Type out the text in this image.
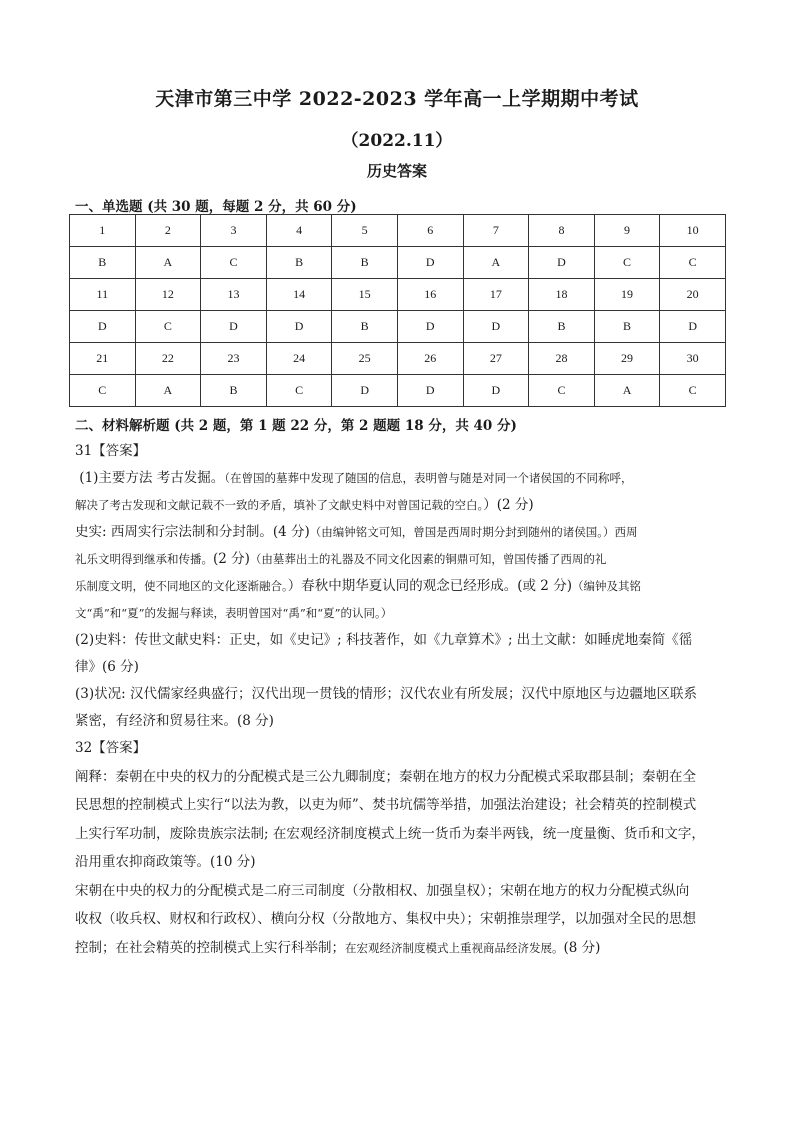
天津市第三中学 2022-2023 学年高一上学期期中考试
（2022.11）
历史答案
一、单选题 (共 30 题，每题 2 分，共 60 分)
1	2	3	4	5	6	7	8	9	10
B	A	C	B	B	D	A	D	C	C
11	12	13	14	15	16	17	18	19	20
D	C	D	D	B	D	D	B	B	D
21	22	23	24	25	26	27	28	29	30
C	A	B	C	D	D	D	C	A	C
二、材料解析题 (共 2 题，第 1 题 22 分，第 2 题题 18 分，共 40 分)
31【答案】
(1)主要方法 考古发掘。（在曾国的墓葬中发现了随国的信息，表明曾与随是对同一个诸侯国的不同称呼，
解决了考古发现和文献记载不一致的矛盾，填补了文献史料中对曾国记载的空白。）(2 分)
史实: 西周实行宗法制和分封制。(4 分)（由编钟铭文可知，曾国是西周时期分封到随州的诸侯国。）西周
礼乐文明得到继承和传播。(2 分)（由墓葬出土的礼器及不同文化因素的铜鼎可知，曾国传播了西周的礼
乐制度文明，使不同地区的文化逐渐融合。）春秋中期华夏认同的观念已经形成。(或 2 分)（编钟及其铭
文“禹”和“夏”的发掘与释读，表明曾国对“禹”和“夏”的认同。）
(2)史料：传世文献史料：正史，如《史记》; 科技著作，如《九章算术》; 出土文献：如睡虎地秦简《徭
律》(6 分)
(3)状况: 汉代儒家经典盛行；汉代出现一贯钱的情形；汉代农业有所发展；汉代中原地区与边疆地区联系
紧密，有经济和贸易往来。(8 分)
32【答案】
阐释：秦朝在中央的权力的分配模式是三公九卿制度；秦朝在地方的权力分配模式采取郡县制；秦朝在全
民思想的控制模式上实行“以法为教，以吏为师”、焚书坑儒等举措，加强法治建设；社会精英的控制模式
上实行军功制，废除贵族宗法制; 在宏观经济制度模式上统一货币为秦半两钱，统一度量衡、货币和文字，
沿用重农抑商政策等。(10 分)
宋朝在中央的权力的分配模式是二府三司制度（分散相权、加强皇权）；宋朝在地方的权力分配模式纵向
收权（收兵权、财权和行政权）、横向分权（分散地方、集权中央）；宋朝推崇理学，以加强对全民的思想
控制；在社会精英的控制模式上实行科举制；在宏观经济制度模式上重视商品经济发展。(8 分)
